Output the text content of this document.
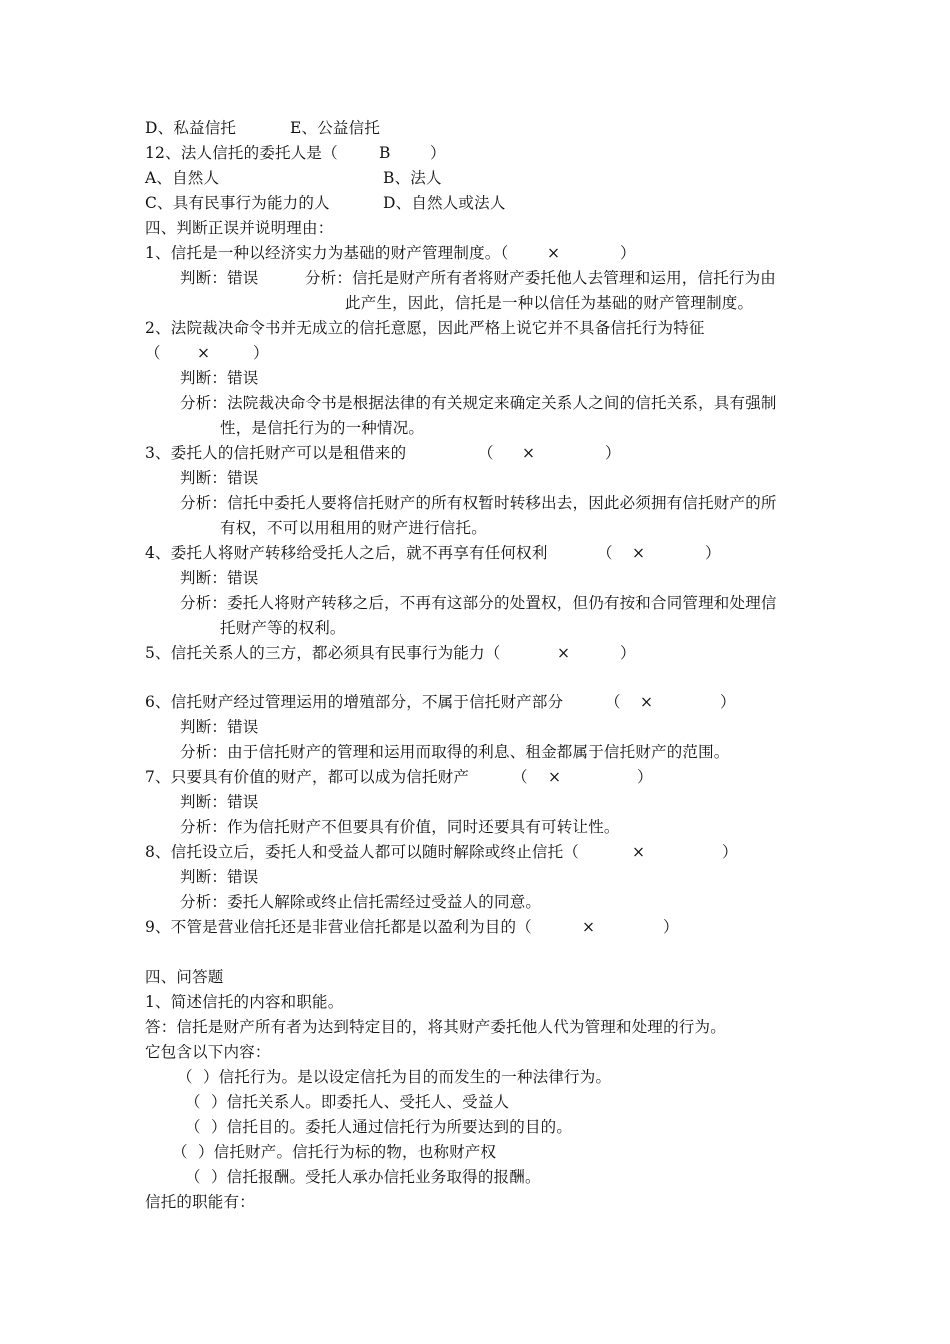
D、私益信托	E、公益信托
12、法人信托的委托人是（	B	）
A、自然人	B、法人
C、具有民事行为能力的人	D、自然人或法人
四、判断正误并说明理由：
1、信托是一种以经济实力为基础的财产管理制度。（ ×	）
判断：错误	分析：信托是财产所有者将财产委托他人去管理和运用，信托行为由
此产生，因此，信托是一种以信任为基础的财产管理制度。
2、法院裁决命令书并无成立的信托意愿，因此严格上说它并不具备信托行为特征
（ ×	）
判断：错误
分析：法院裁决命令书是根据法律的有关规定来确定关系人之间的信托关系，具有强制
性，是信托行为的一种情况。
3、委托人的信托财产可以是租借来的	（ ×	）
判断：错误
分析：信托中委托人要将信托财产的所有权暂时转移出去，因此必须拥有信托财产的所
有权，不可以用租用的财产进行信托。
4、委托人将财产转移给受托人之后，就不再享有任何权利	（ ×	）
判断：错误
分析：委托人将财产转移之后，不再有这部分的处置权，但仍有按和合同管理和处理信
托财产等的权利。
5、信托关系人的三方，都必须具有民事行为能力（	×	）
6、信托财产经过管理运用的增殖部分，不属于信托财产部分	（ ×	）
判断：错误
分析：由于信托财产的管理和运用而取得的利息、租金都属于信托财产的范围。
7、只要具有价值的财产，都可以成为信托财产	（ ×	）
判断：错误
分析：作为信托财产不但要具有价值，同时还要具有可转让性。
8、信托设立后，委托人和受益人都可以随时解除或终止信托（	×	）
判断：错误
分析：委托人解除或终止信托需经过受益人的同意。
9、不管是营业信托还是非营业信托都是以盈利为目的（	×	）
四、问答题
1、简述信托的内容和职能。
答：信托是财产所有者为达到特定目的，将其财产委托他人代为管理和处理的行为。
它包含以下内容：
（  ）信托行为。是以设定信托为目的而发生的一种法律行为。
（  ）信托关系人。即委托人、受托人、受益人
（  ）信托目的。委托人通过信托行为所要达到的目的。
（  ）信托财产。信托行为标的物，也称财产权
（  ）信托报酬。受托人承办信托业务取得的报酬。
信托的职能有：
